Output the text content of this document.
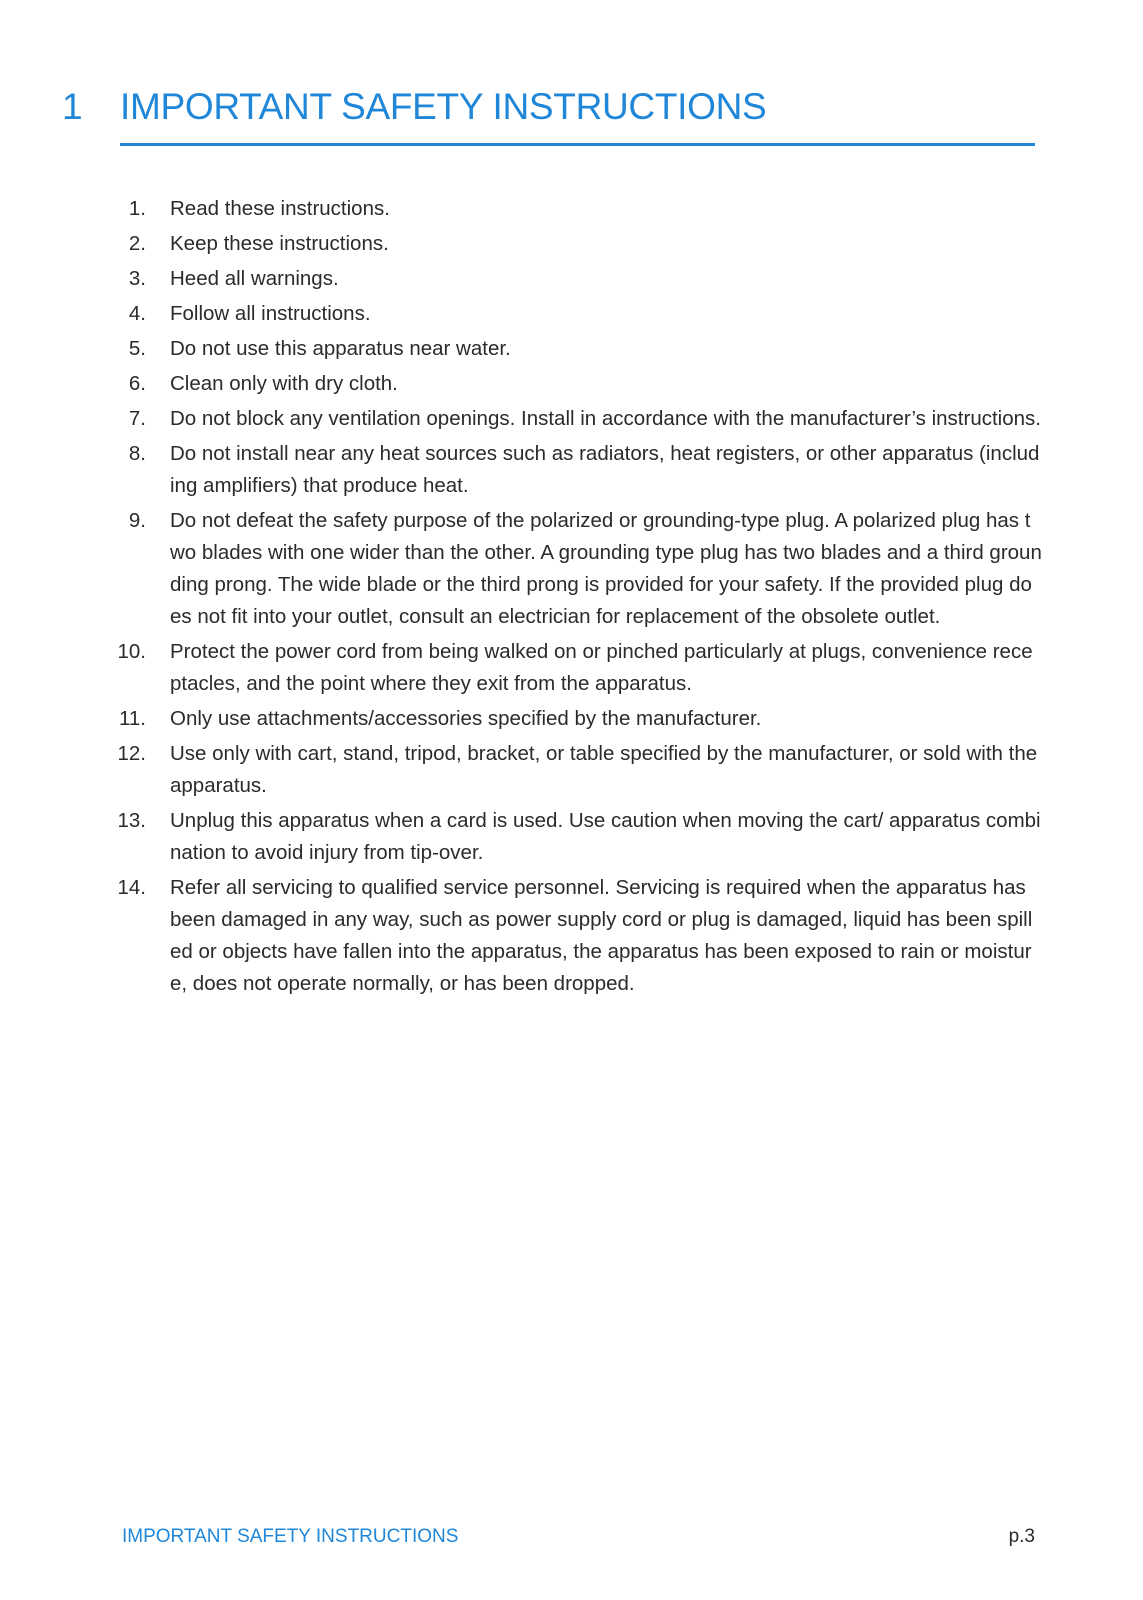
1	IMPORTANT SAFETY INSTRUCTIONS
1.	Read these instructions.
2.	Keep these instructions.
3.	Heed all warnings.
4.	Follow all instructions.
5.	Do not use this apparatus near water.
6.	Clean only with dry cloth.
7.	Do not block any ventilation openings. Install in accordance with the manufacturer’s instructions.
8.	Do not install near any heat sources such as radiators, heat registers, or other apparatus (including amplifiers) that produce heat.
9.	Do not defeat the safety purpose of the polarized or grounding-type plug. A polarized plug has two blades with one wider than the other. A grounding type plug has two blades and a third grounding prong. The wide blade or the third prong is provided for your safety. If the provided plug does not fit into your outlet, consult an electrician for replacement of the obsolete outlet.
10.	Protect the power cord from being walked on or pinched particularly at plugs, convenience receptacles, and the point where they exit from the apparatus.
11.	Only use attachments/accessories specified by the manufacturer.
12.	Use only with cart, stand, tripod, bracket, or table specified by the manufacturer, or sold with the apparatus.
13.	Unplug this apparatus when a card is used. Use caution when moving the cart/ apparatus combination to avoid injury from tip-over.
14.	Refer all servicing to qualified service personnel. Servicing is required when the apparatus has been damaged in any way, such as power supply cord or plug is damaged, liquid has been spilled or objects have fallen into the apparatus, the apparatus has been exposed to rain or moisture, does not operate normally, or has been dropped.
IMPORTANT SAFETY INSTRUCTIONS	p.3
